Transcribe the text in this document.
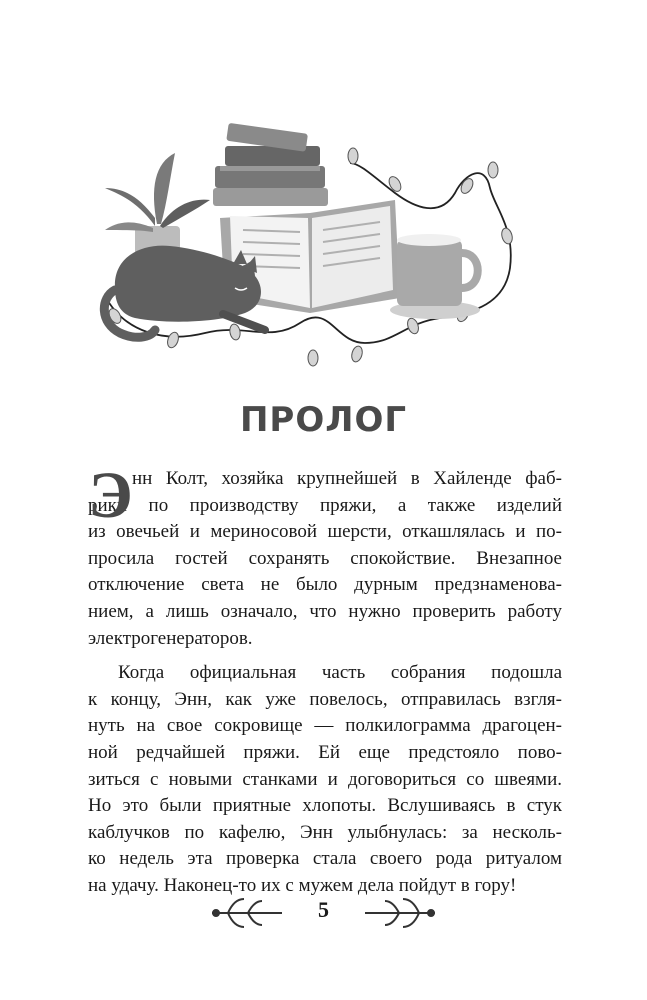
ПРОЛОГ
Э нн Колт, хозяйка крупнейшей в Хайленде фаб-
рики по производству пряжи, а также изделий
из овечьей и мериносовой шерсти, откашлялась и по-
просила гостей сохранять спокойствие. Внезапное
отключение света не было дурным предзнаменова-
нием, а лишь означало, что нужно проверить работу
электрогенераторов.
Когда официальная часть собрания подошла
к концу, Энн, как уже повелось, отправилась взгля-
нуть на свое сокровище — полкилограмма драгоцен-
ной редчайшей пряжи. Ей еще предстояло пово-
зиться с новыми станками и договориться со швеями.
Но это были приятные хлопоты. Вслушиваясь в стук
каблучков по кафелю, Энн улыбнулась: за несколь-
ко недель эта проверка стала своего рода ритуалом
на удачу. Наконец-то их с мужем дела пойдут в гору!
5
